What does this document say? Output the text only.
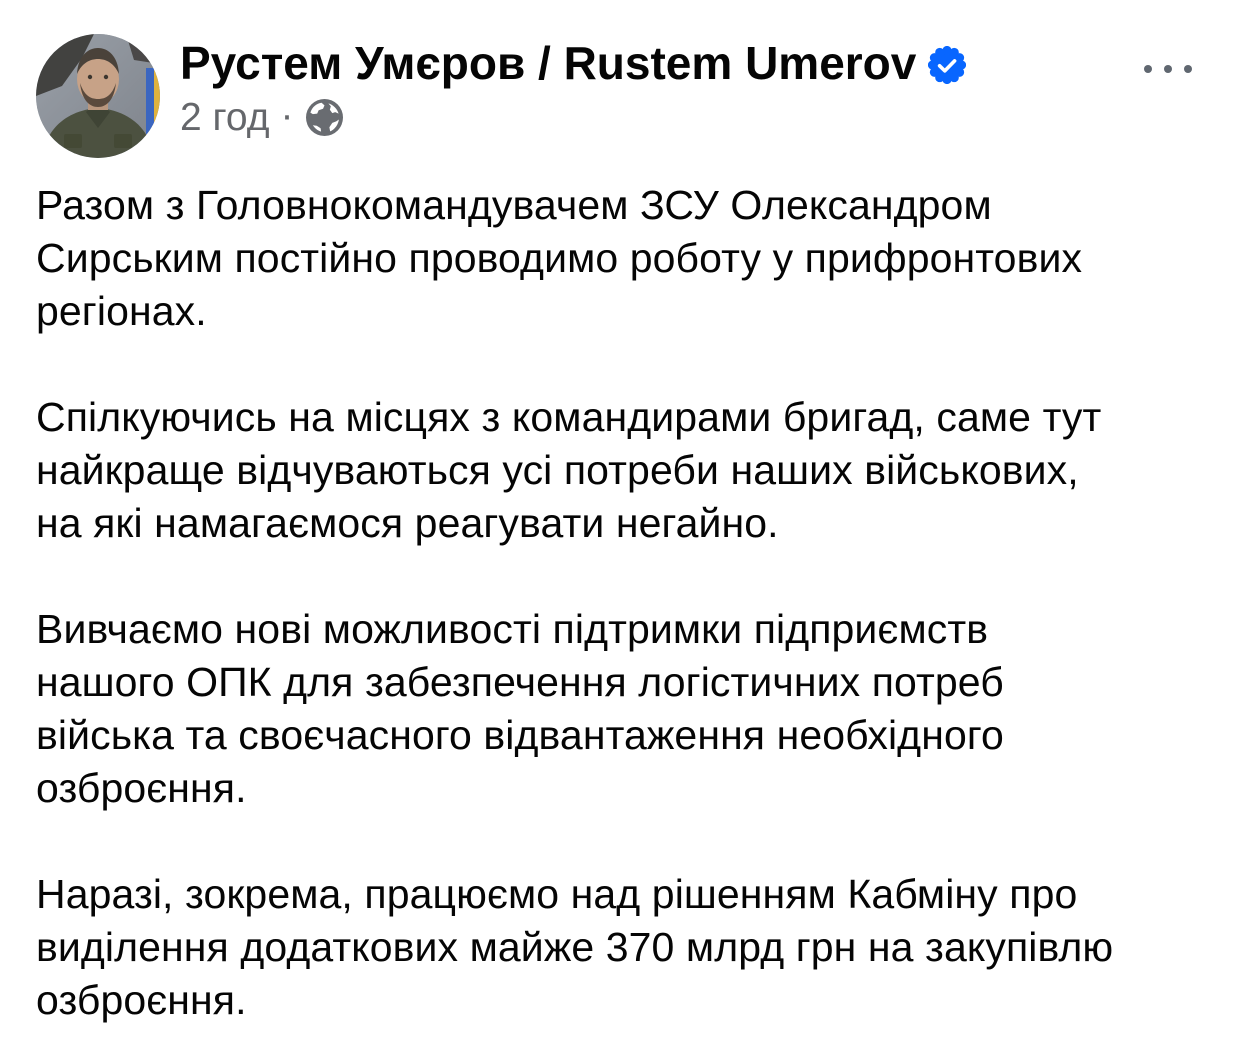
Рустем Умєров / Rustem Umerov
2 год ·

Разом з Головнокомандувачем ЗСУ Олександром Сирським постійно проводимо роботу у прифронтових регіонах.

Спілкуючись на місцях з командирами бригад, саме тут найкраще відчуваються усі потреби наших військових, на які намагаємося реагувати негайно.

Вивчаємо нові можливості підтримки підприємств нашого ОПК для забезпечення логістичних потреб війська та своєчасного відвантаження необхідного озброєння.

Наразі, зокрема, працюємо над рішенням Кабміну про виділення додаткових майже 370 млрд грн на закупівлю озброєння.
